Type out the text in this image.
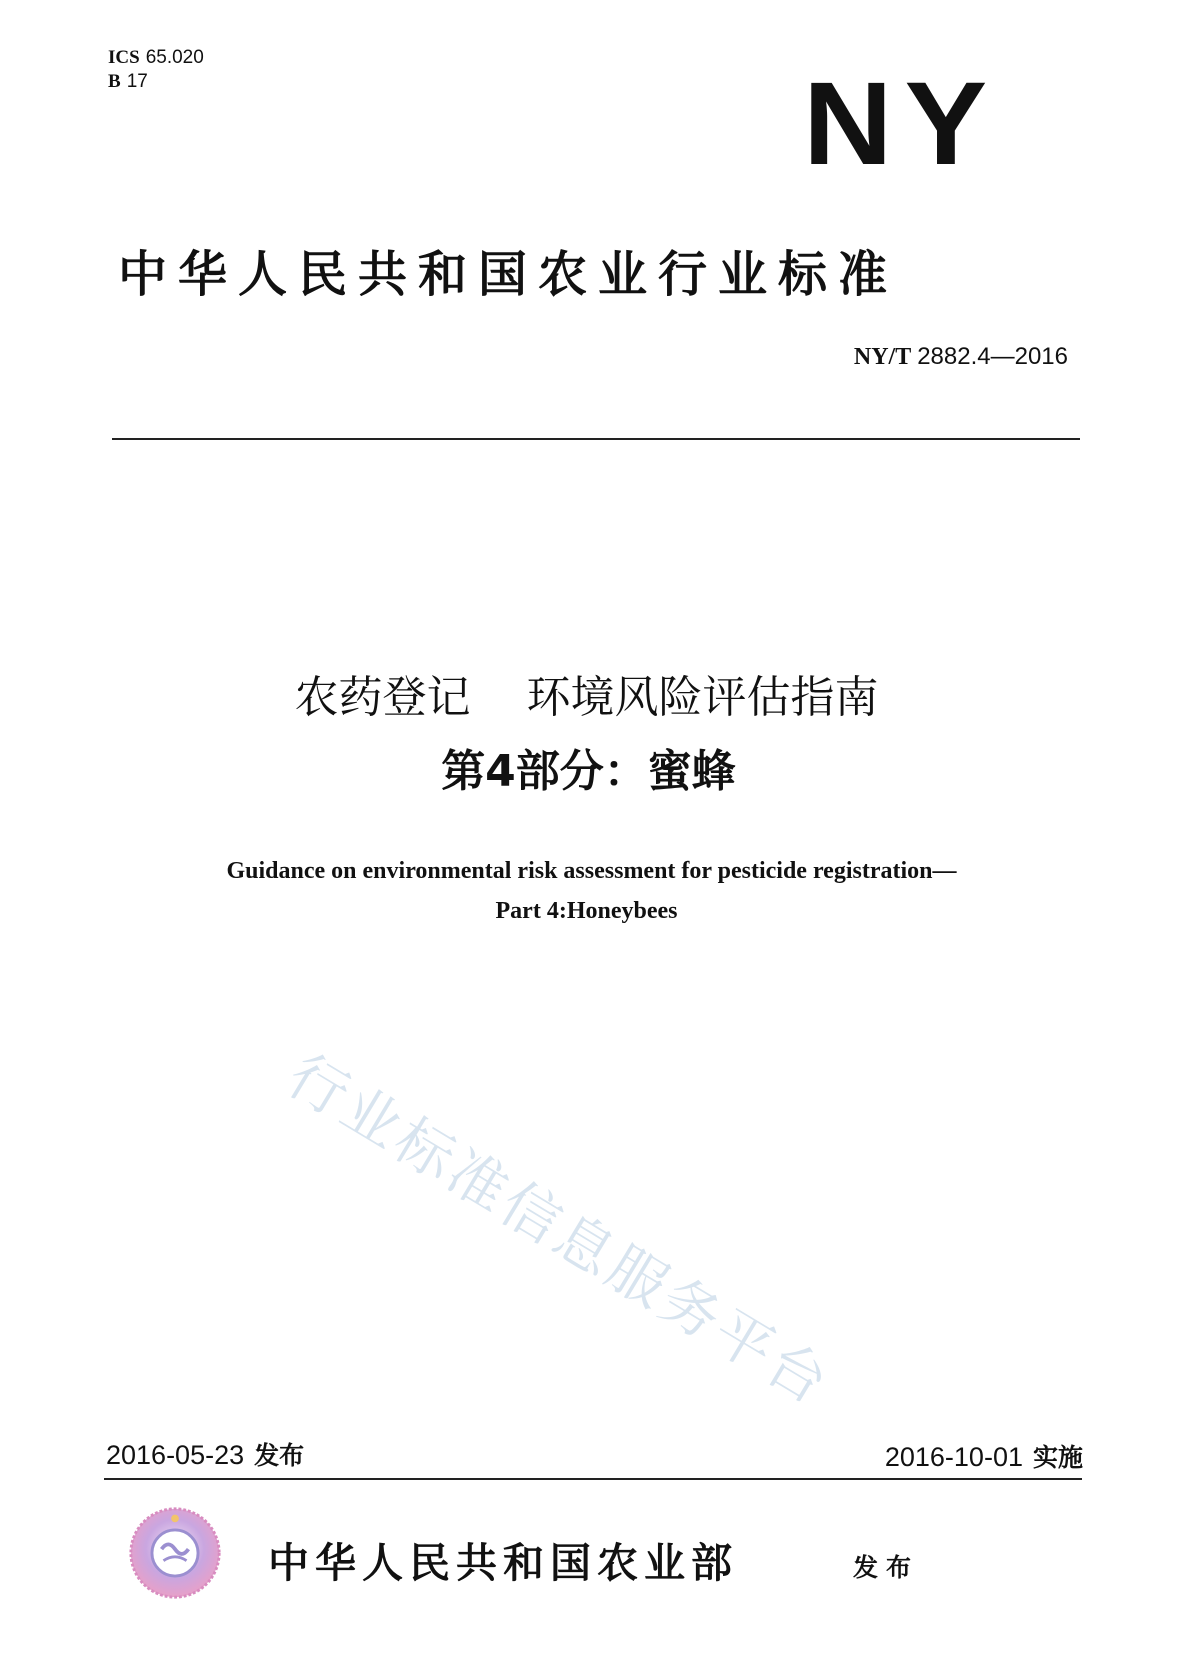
ICS 65.020
B 17	NY
中华人民共和国农业行业标准
NY/T 2882.4—2016
农药登记    环境风险评估指南
第4部分：蜜蜂
Guidance on environmental risk assessment for pesticide registration—
Part 4:Honeybees
行业标准信息服务平台
2016-05-23 发布	2016-10-01 实施
中华人民共和国农业部	发布
